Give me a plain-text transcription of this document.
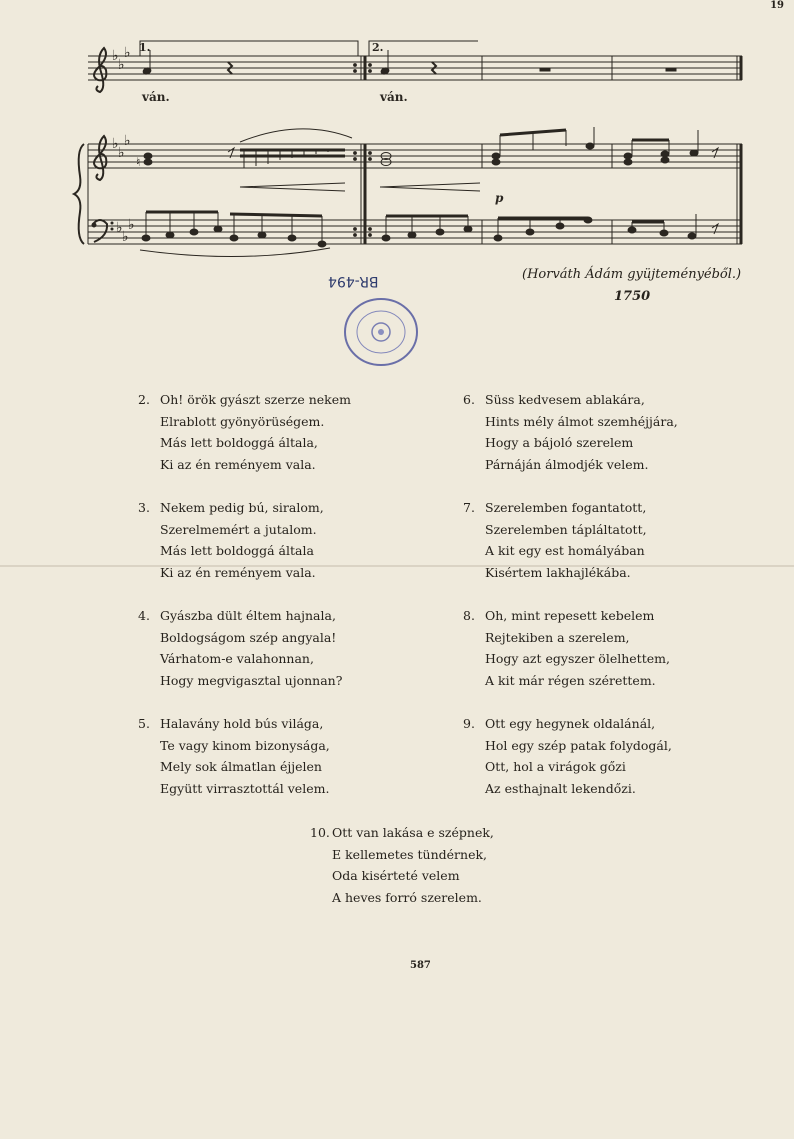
19
♭
♭
♭
♭
♭
♭
♭
♭
♭
♮
1.	2.
ván.	ván.
p
(Horváth Ádám gyüjteményéből.)
1750
BR-494
2. Oh! örök gyászt szerze nekem
Elrablott gyönyörüségem.
Más lett boldoggá általa,
Ki az én reményem vala.
3. Nekem pedig bú, siralom,
Szerelmemért a jutalom.
Más lett boldoggá általa
Ki az én reményem vala.
4. Gyászba dült éltem hajnala,
Boldogságom szép angyala!
Várhatom-e valahonnan,
Hogy megvigasztal ujonnan?
5. Halavány hold bús világa,
Te vagy kinom bizonysága,
Mely sok álmatlan éjjelen
Együtt virrasztottál velem.
6. Süss kedvesem ablakára,
Hints mély álmot szemhéjjára,
Hogy a bájoló szerelem
Párnáján álmodjék velem.
7. Szerelemben fogantatott,
Szerelemben tápláltatott,
A kit egy est homályában
Kisértem lakhajlékába.
8. Oh, mint repesett kebelem
Rejtekiben a szerelem,
Hogy azt egyszer ölelhettem,
A kit már régen szérettem.
9. Ott egy hegynek oldalánál,
Hol egy szép patak folydogál,
Ott, hol a virágok gőzi
Az esthajnalt lekendőzi.
10. Ott van lakása e szépnek,
E kellemetes tündérnek,
Oda kisérteté velem
A heves forró szerelem.
587
